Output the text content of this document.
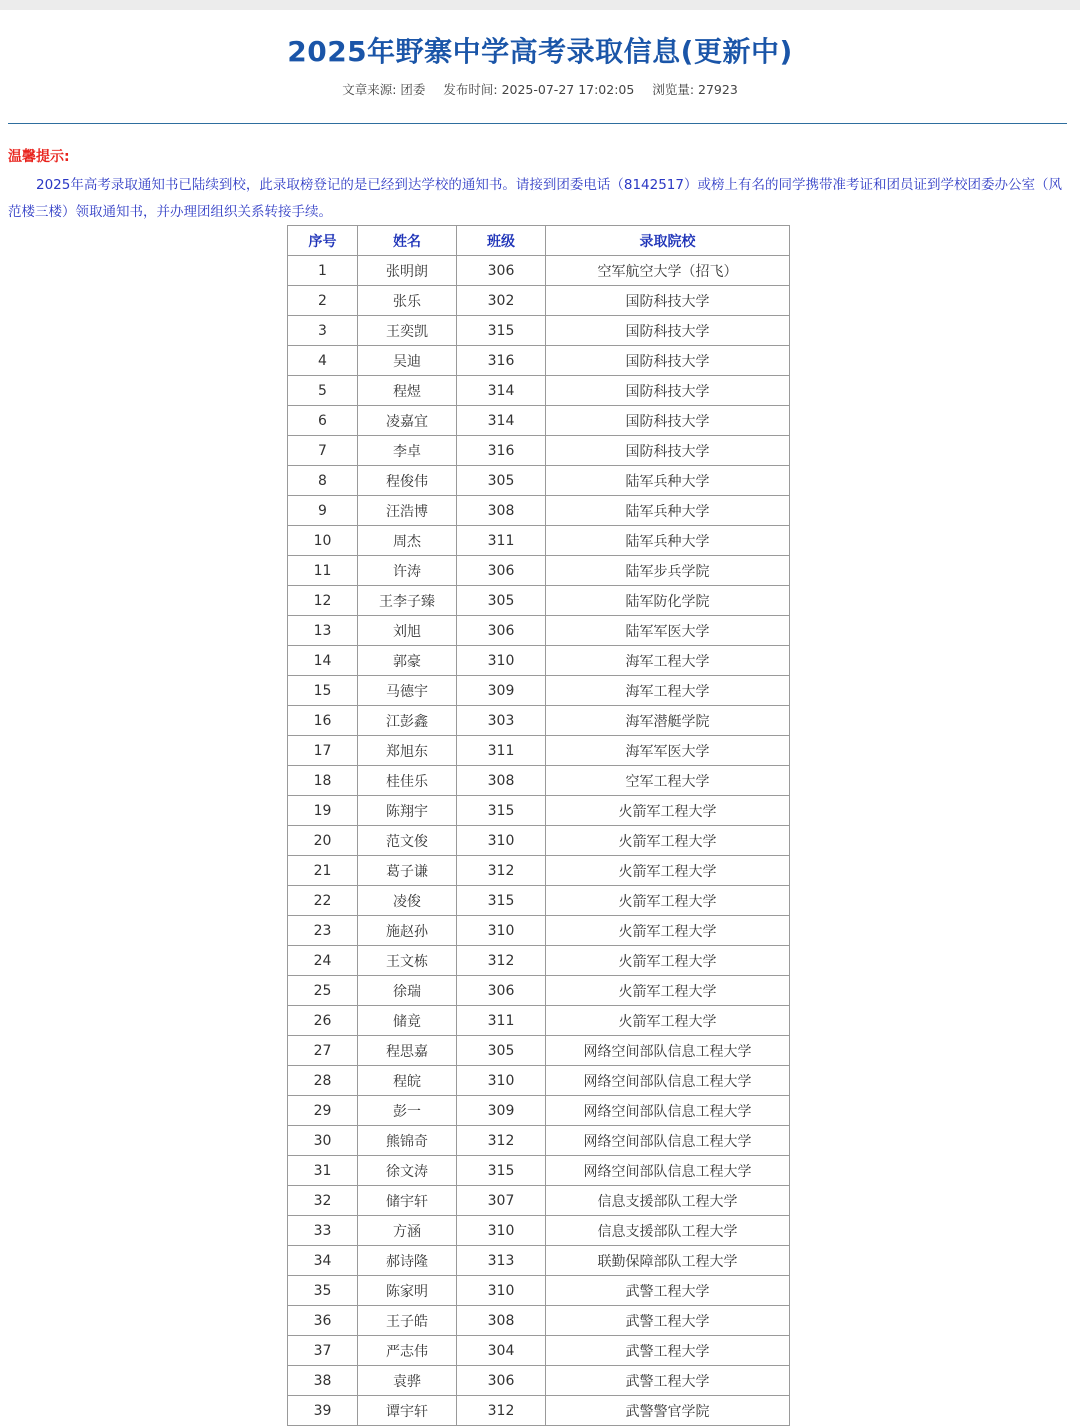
2025年野寨中学高考录取信息(更新中)
文章来源: 团委 发布时间: 2025-07-27 17:02:05 浏览量: 27923
温馨提示:
2025年高考录取通知书已陆续到校，此录取榜登记的是已经到达学校的通知书。请接到团委电话（8142517）或榜上有名的同学携带准考证和团员证到学校团委办公室（风范楼三楼）领取通知书，并办理团组织关系转接手续。
序号	姓名	班级	录取院校
1	张明朗	306	空军航空大学（招飞）
2	张乐	302	国防科技大学
3	王奕凯	315	国防科技大学
4	吴迪	316	国防科技大学
5	程煜	314	国防科技大学
6	凌嘉宜	314	国防科技大学
7	李卓	316	国防科技大学
8	程俊伟	305	陆军兵种大学
9	汪浩博	308	陆军兵种大学
10	周杰	311	陆军兵种大学
11	许涛	306	陆军步兵学院
12	王李子臻	305	陆军防化学院
13	刘旭	306	陆军军医大学
14	郭豪	310	海军工程大学
15	马德宇	309	海军工程大学
16	江彭鑫	303	海军潜艇学院
17	郑旭东	311	海军军医大学
18	桂佳乐	308	空军工程大学
19	陈翔宇	315	火箭军工程大学
20	范文俊	310	火箭军工程大学
21	葛子谦	312	火箭军工程大学
22	凌俊	315	火箭军工程大学
23	施赵孙	310	火箭军工程大学
24	王文栋	312	火箭军工程大学
25	徐瑞	306	火箭军工程大学
26	储竟	311	火箭军工程大学
27	程思嘉	305	网络空间部队信息工程大学
28	程皖	310	网络空间部队信息工程大学
29	彭一	309	网络空间部队信息工程大学
30	熊锦奇	312	网络空间部队信息工程大学
31	徐文涛	315	网络空间部队信息工程大学
32	储宇轩	307	信息支援部队工程大学
33	方涵	310	信息支援部队工程大学
34	郝诗隆	313	联勤保障部队工程大学
35	陈家明	310	武警工程大学
36	王子皓	308	武警工程大学
37	严志伟	304	武警工程大学
38	袁骅	306	武警工程大学
39	谭宇轩	312	武警警官学院
